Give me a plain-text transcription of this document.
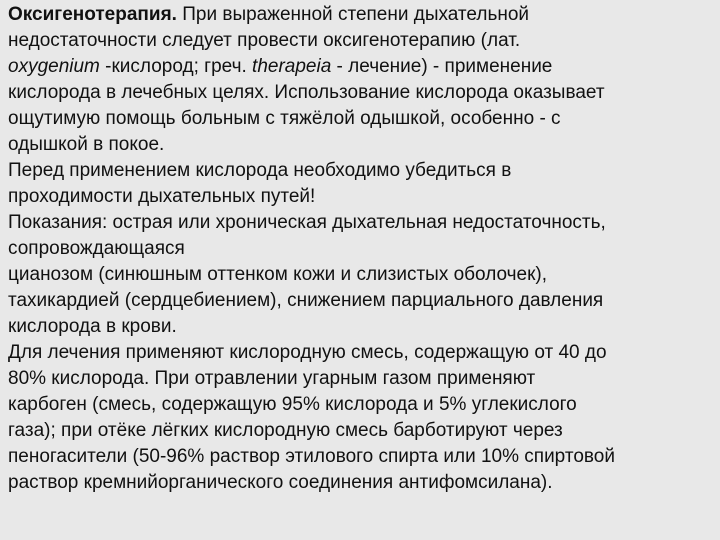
Оксигенотерапия. При выраженной степени дыхательной
недостаточности следует провести оксигенотерапию (лат.
oxygenium -кислород; греч. therapeia - лечение) - применение
кислорода в лечебных целях. Использование кислорода оказывает
ощутимую помощь больным с тяжёлой одышкой, особенно - с
одышкой в покое.
Перед применением кислорода необходимо убедиться в
проходимости дыхательных путей!
Показания: острая или хроническая дыхательная недостаточность,
сопровождающаяся
цианозом (синюшным оттенком кожи и слизистых оболочек),
тахикардией (сердцебиением), снижением парциального давления
кислорода в крови.
Для лечения применяют кислородную смесь, содержащую от 40 до
80% кислорода. При отравлении угарным газом применяют
карбоген (смесь, содержащую 95% кислорода и 5% углекислого
газа); при отёке лёгких кислородную смесь барботируют через
пеногасители (50-96% раствор этилового спирта или 10% спиртовой
раствор кремнийорганического соединения антифомсилана).
